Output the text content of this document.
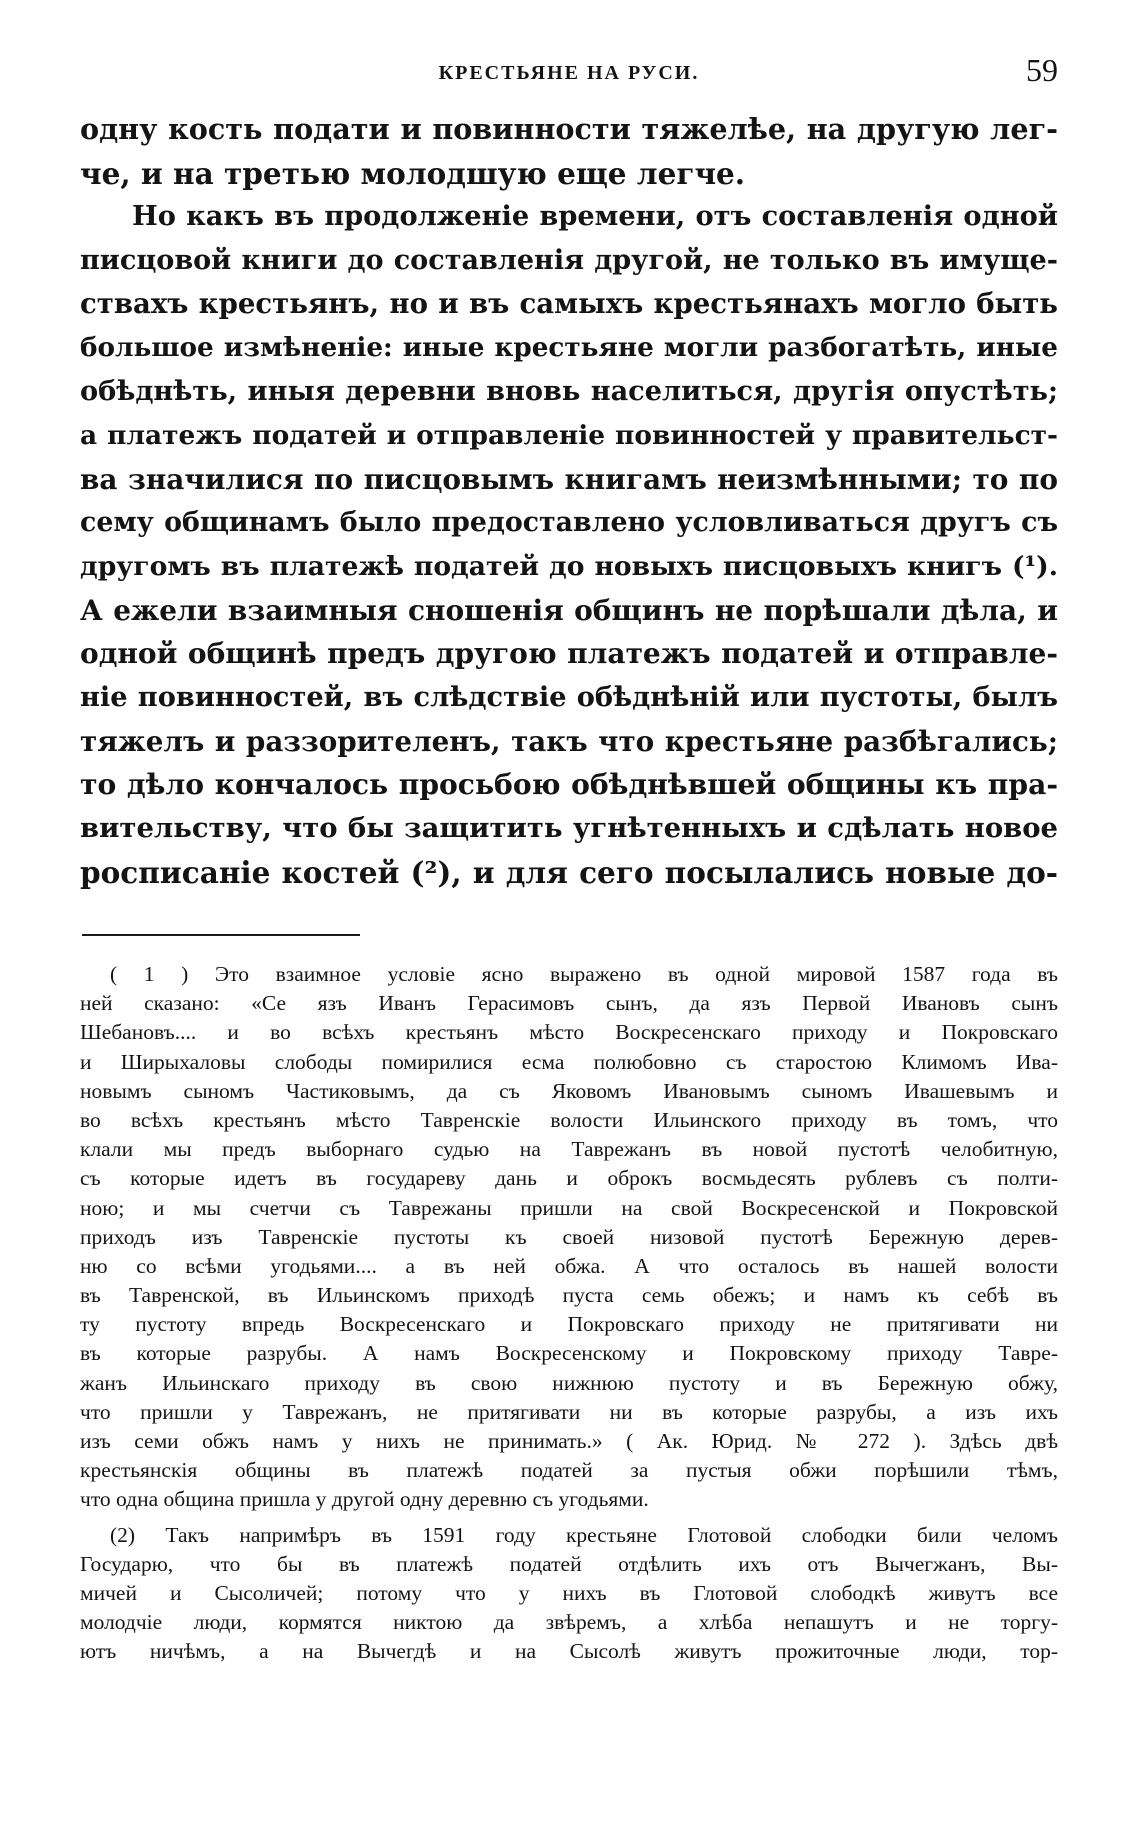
КРЕСТЬЯНЕ НА РУСИ.	59
одну кость подати и повинности тяжелѣе, на другую лег-
че, и на третью молодшую еще легче.
Но какъ въ продолженіе времени, отъ составленія одной
писцовой книги до составленія другой, не только въ имуще-
ствахъ крестьянъ, но и въ самыхъ крестьянахъ могло быть
большое измѣненіе: иные крестьяне могли разбогатѣть, иные
обѣднѣть, иныя деревни вновь населиться, другія опустѣть;
а платежъ податей и отправленіе повинностей у правительст-
ва значилися по писцовымъ книгамъ неизмѣнными; то по
сему общинамъ было предоставлено условливаться другъ съ
другомъ въ платежѣ податей до новыхъ писцовыхъ книгъ (¹).
А ежели взаимныя сношенія общинъ не порѣшали дѣла, и
одной общинѣ предъ другою платежъ податей и отправле-
ніе повинностей, въ слѣдствіе обѣднѣній или пустоты, былъ
тяжелъ и раззорителенъ, такъ что крестьяне разбѣгались;
то дѣло кончалось просьбою обѣднѣвшей общины къ пра-
вительству, что бы защитить угнѣтенныхъ и сдѣлать новое
росписаніе костей (²), и для сего посылались новые до-
( 1 ) Это взаимное условіе ясно выражено въ одной мировой 1587 года въ
ней сказано: «Се язъ Иванъ Герасимовъ сынъ, да язъ Первой Ивановъ сынъ
Шебановъ.... и во всѣхъ крестьянъ мѣсто Воскресенскаго приходу и Покровскаго
и Ширыхаловы слободы помирилися есма полюбовно съ старостою Климомъ Ива-
новымъ сыномъ Частиковымъ, да съ Яковомъ Ивановымъ сыномъ Ивашевымъ и
во всѣхъ крестьянъ мѣсто Тавренскіе волости Ильинского приходу въ томъ, что
клали мы предъ выборнаго судью на Таврежанъ въ новой пустотѣ челобитную,
съ которые идетъ въ государеву дань и оброкъ восмьдесять рублевъ съ полти-
ною; и мы счетчи съ Таврежаны пришли на свой Воскресенской и Покровской
приходъ изъ Тавренскіе пустоты къ своей низовой пустотѣ Бережную дерев-
ню со всѣми угодьями.... а въ ней обжа. А что осталось въ нашей волости
въ Тавренской, въ Ильинскомъ приходѣ пуста семь обежъ; и намъ къ себѣ въ
ту пустоту впредь Воскресенскаго и Покровскаго приходу не притягивати ни
въ которые разрубы. А намъ Воскресенскому и Покровскому приходу Тавре-
жанъ Ильинскаго приходу въ свою нижнюю пустоту и въ Бережную обжу,
что пришли у Таврежанъ, не притягивати ни въ которые разрубы, а изъ ихъ
изъ семи обжъ намъ у нихъ не принимать.» ( Ак. Юрид. № 272 ). Здѣсь двѣ
крестьянскія общины въ платежѣ податей за пустыя обжи порѣшили тѣмъ,
что одна община пришла у другой одну деревню съ угодьями.
(2) Такъ напримѣръ въ 1591 году крестьяне Глотовой слободки били челомъ
Государю, что бы въ платежѣ податей отдѣлить ихъ отъ Вычегжанъ, Вы-
мичей и Сысоличей; потому что у нихъ въ Глотовой слободкѣ живутъ все
молодчіе люди, кормятся никтою да звѣремъ, а хлѣба непашутъ и не торгу-
ютъ ничѣмъ, а на Вычегдѣ и на Сысолѣ живутъ прожиточные люди, тор-
